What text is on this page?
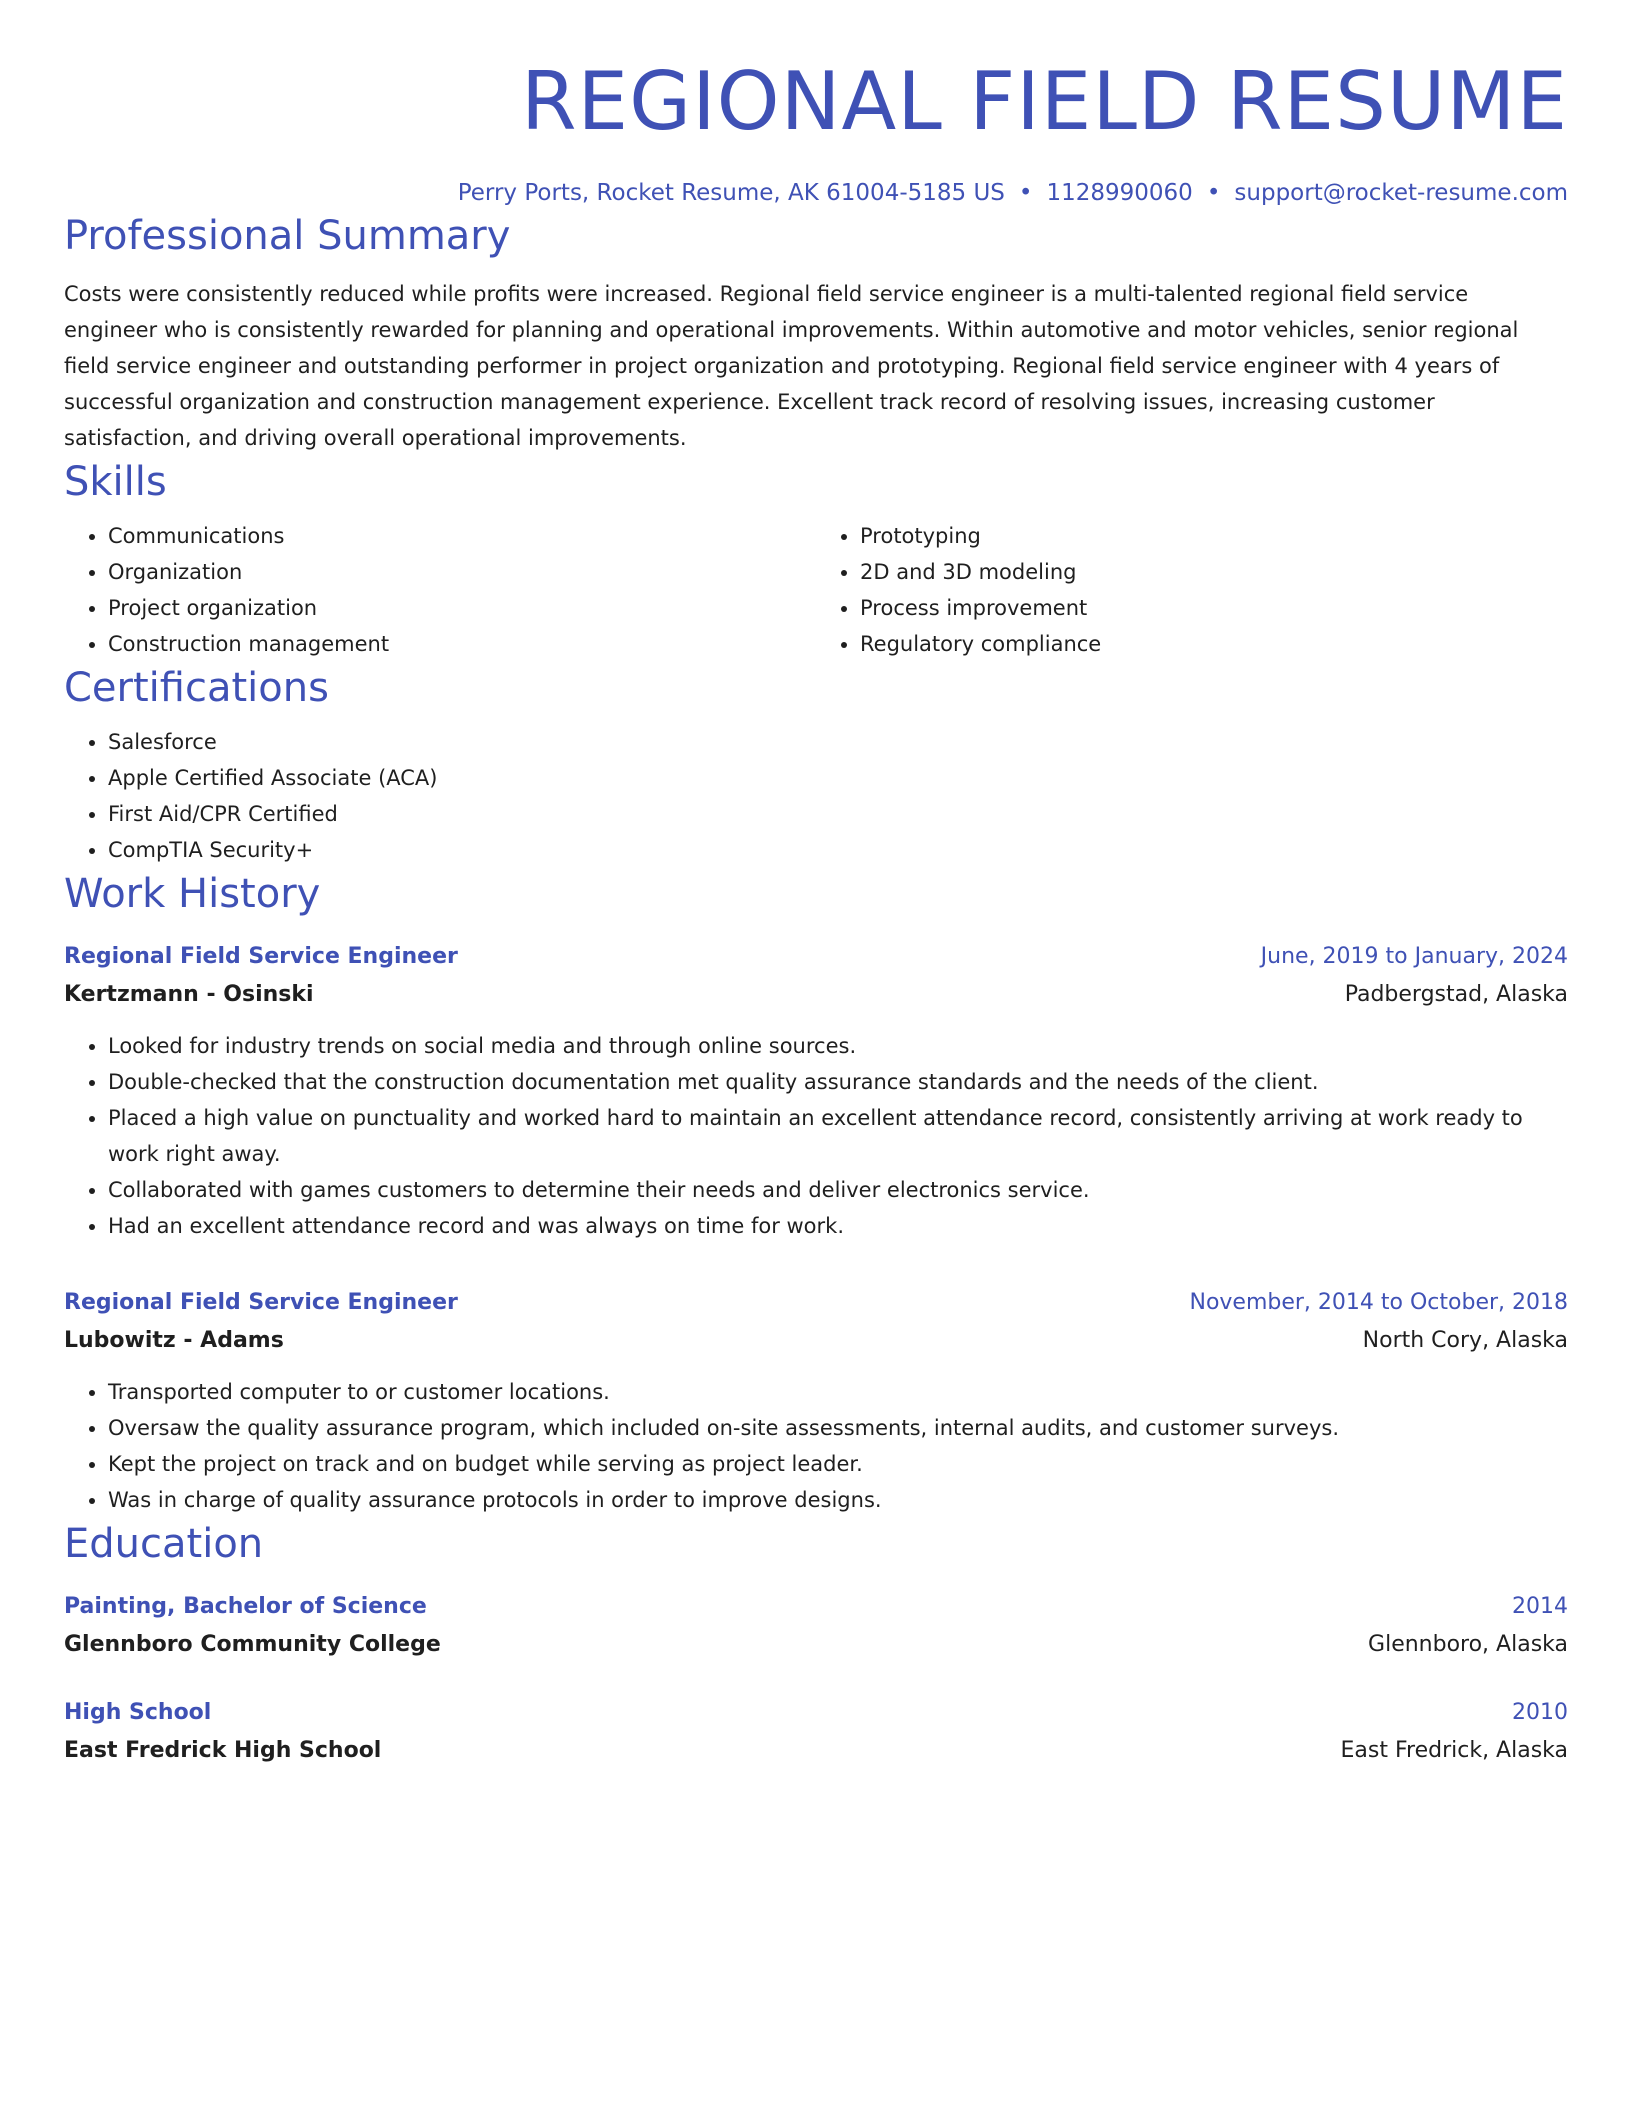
REGIONAL FIELD RESUME
Perry Ports, Rocket Resume, AK 61004-5185 US • 1128990060 • support@rocket-resume.com
Professional Summary

Costs were consistently reduced while profits were increased. Regional field service engineer is a multi-talented regional field service engineer who is consistently rewarded for planning and operational improvements. Within automotive and motor vehicles, senior regional field service engineer and outstanding performer in project organization and prototyping. Regional field service engineer with 4 years of successful organization and construction management experience. Excellent track record of resolving issues, increasing customer satisfaction, and driving overall operational improvements.

Skills
• Communications
• Organization
• Project organization
• Construction management
• Prototyping
• 2D and 3D modeling
• Process improvement
• Regulatory compliance
Certifications
• Salesforce
• Apple Certified Associate (ACA)
• First Aid/CPR Certified
• CompTIA Security+
Work History
Regional Field Service Engineer	June, 2019 to January, 2024
Kertzmann - Osinski	Padbergstad, Alaska
• Looked for industry trends on social media and through online sources.
• Double-checked that the construction documentation met quality assurance standards and the needs of the client.
• Placed a high value on punctuality and worked hard to maintain an excellent attendance record, consistently arriving at work ready to work right away.
• Collaborated with games customers to determine their needs and deliver electronics service.
• Had an excellent attendance record and was always on time for work.
Regional Field Service Engineer	November, 2014 to October, 2018
Lubowitz - Adams	North Cory, Alaska
• Transported computer to or customer locations.
• Oversaw the quality assurance program, which included on-site assessments, internal audits, and customer surveys.
• Kept the project on track and on budget while serving as project leader.
• Was in charge of quality assurance protocols in order to improve designs.
Education
Painting, Bachelor of Science	2014
Glennboro Community College	Glennboro, Alaska
High School	2010
East Fredrick High School	East Fredrick, Alaska
